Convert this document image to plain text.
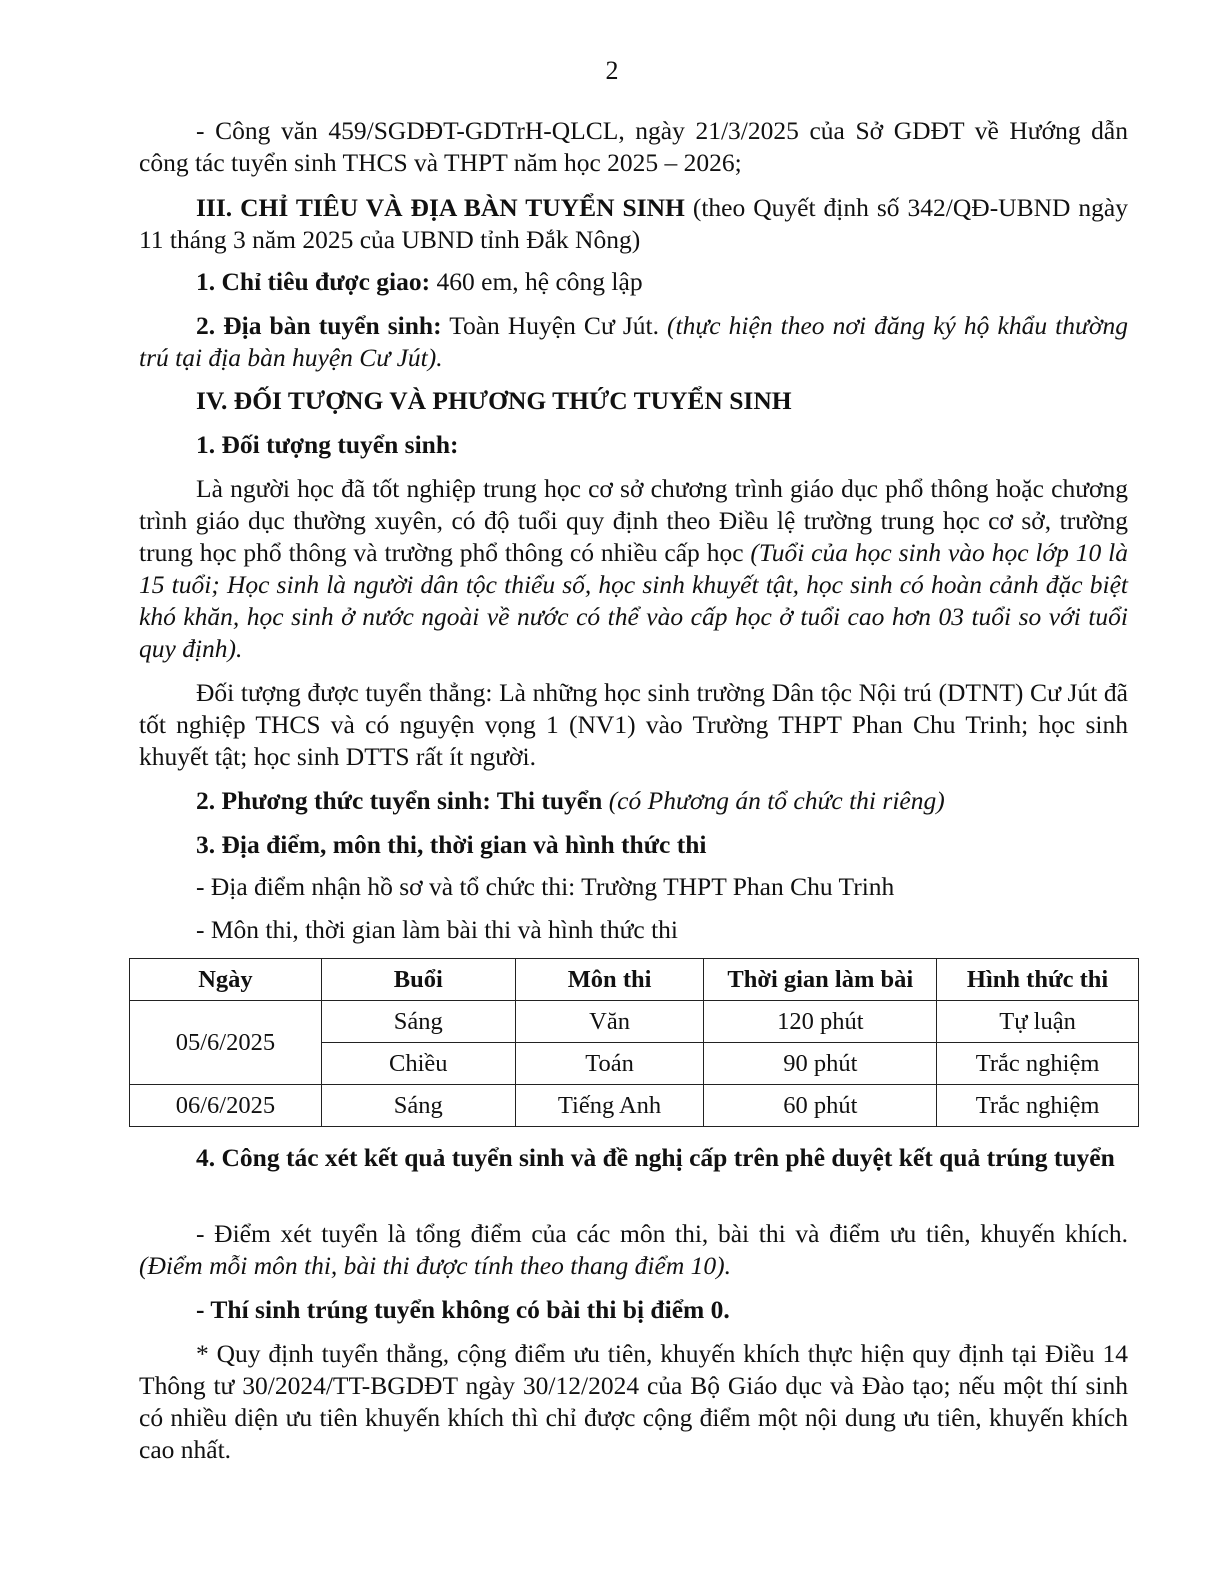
2

- Công văn 459/SGDĐT-GDTrH-QLCL, ngày 21/3/2025 của Sở GDĐT về Hướng dẫn công tác tuyển sinh THCS và THPT năm học 2025 – 2026;

III. CHỈ TIÊU VÀ ĐỊA BÀN TUYỂN SINH (theo Quyết định số 342/QĐ-UBND ngày 11 tháng 3 năm 2025 của UBND tỉnh Đắk Nông)

1. Chỉ tiêu được giao: 460 em, hệ công lập

2. Địa bàn tuyển sinh: Toàn Huyện Cư Jút. (thực hiện theo nơi đăng ký hộ khẩu thường trú tại địa bàn huyện Cư Jút).

IV. ĐỐI TƯỢNG VÀ PHƯƠNG THỨC TUYỂN SINH

1. Đối tượng tuyển sinh:

Là người học đã tốt nghiệp trung học cơ sở chương trình giáo dục phổ thông hoặc chương trình giáo dục thường xuyên, có độ tuổi quy định theo Điều lệ trường trung học cơ sở, trường trung học phổ thông và trường phổ thông có nhiều cấp học (Tuổi của học sinh vào học lớp 10 là 15 tuổi; Học sinh là người dân tộc thiểu số, học sinh khuyết tật, học sinh có hoàn cảnh đặc biệt khó khăn, học sinh ở nước ngoài về nước có thể vào cấp học ở tuổi cao hơn 03 tuổi so với tuổi quy định).

Đối tượng được tuyển thẳng: Là những học sinh trường Dân tộc Nội trú (DTNT) Cư Jút đã tốt nghiệp THCS và có nguyện vọng 1 (NV1) vào Trường THPT Phan Chu Trinh; học sinh khuyết tật; học sinh DTTS rất ít người.

2. Phương thức tuyển sinh: Thi tuyển (có Phương án tổ chức thi riêng)

3. Địa điểm, môn thi, thời gian và hình thức thi

- Địa điểm nhận hồ sơ và tổ chức thi: Trường THPT Phan Chu Trinh

- Môn thi, thời gian làm bài thi và hình thức thi

Ngày	Buổi	Môn thi	Thời gian làm bài	Hình thức thi
05/6/2025	Sáng	Văn	120 phút	Tự luận
	Chiều	Toán	90 phút	Trắc nghiệm
06/6/2025	Sáng	Tiếng Anh	60 phút	Trắc nghiệm

4. Công tác xét kết quả tuyển sinh và đề nghị cấp trên phê duyệt kết quả trúng tuyển

- Điểm xét tuyển là tổng điểm của các môn thi, bài thi và điểm ưu tiên, khuyến khích. (Điểm mỗi môn thi, bài thi được tính theo thang điểm 10).

- Thí sinh trúng tuyển không có bài thi bị điểm 0.

* Quy định tuyển thẳng, cộng điểm ưu tiên, khuyến khích thực hiện quy định tại Điều 14 Thông tư 30/2024/TT-BGDĐT ngày 30/12/2024 của Bộ Giáo dục và Đào tạo; nếu một thí sinh có nhiều diện ưu tiên khuyến khích thì chỉ được cộng điểm một nội dung ưu tiên, khuyến khích cao nhất.
